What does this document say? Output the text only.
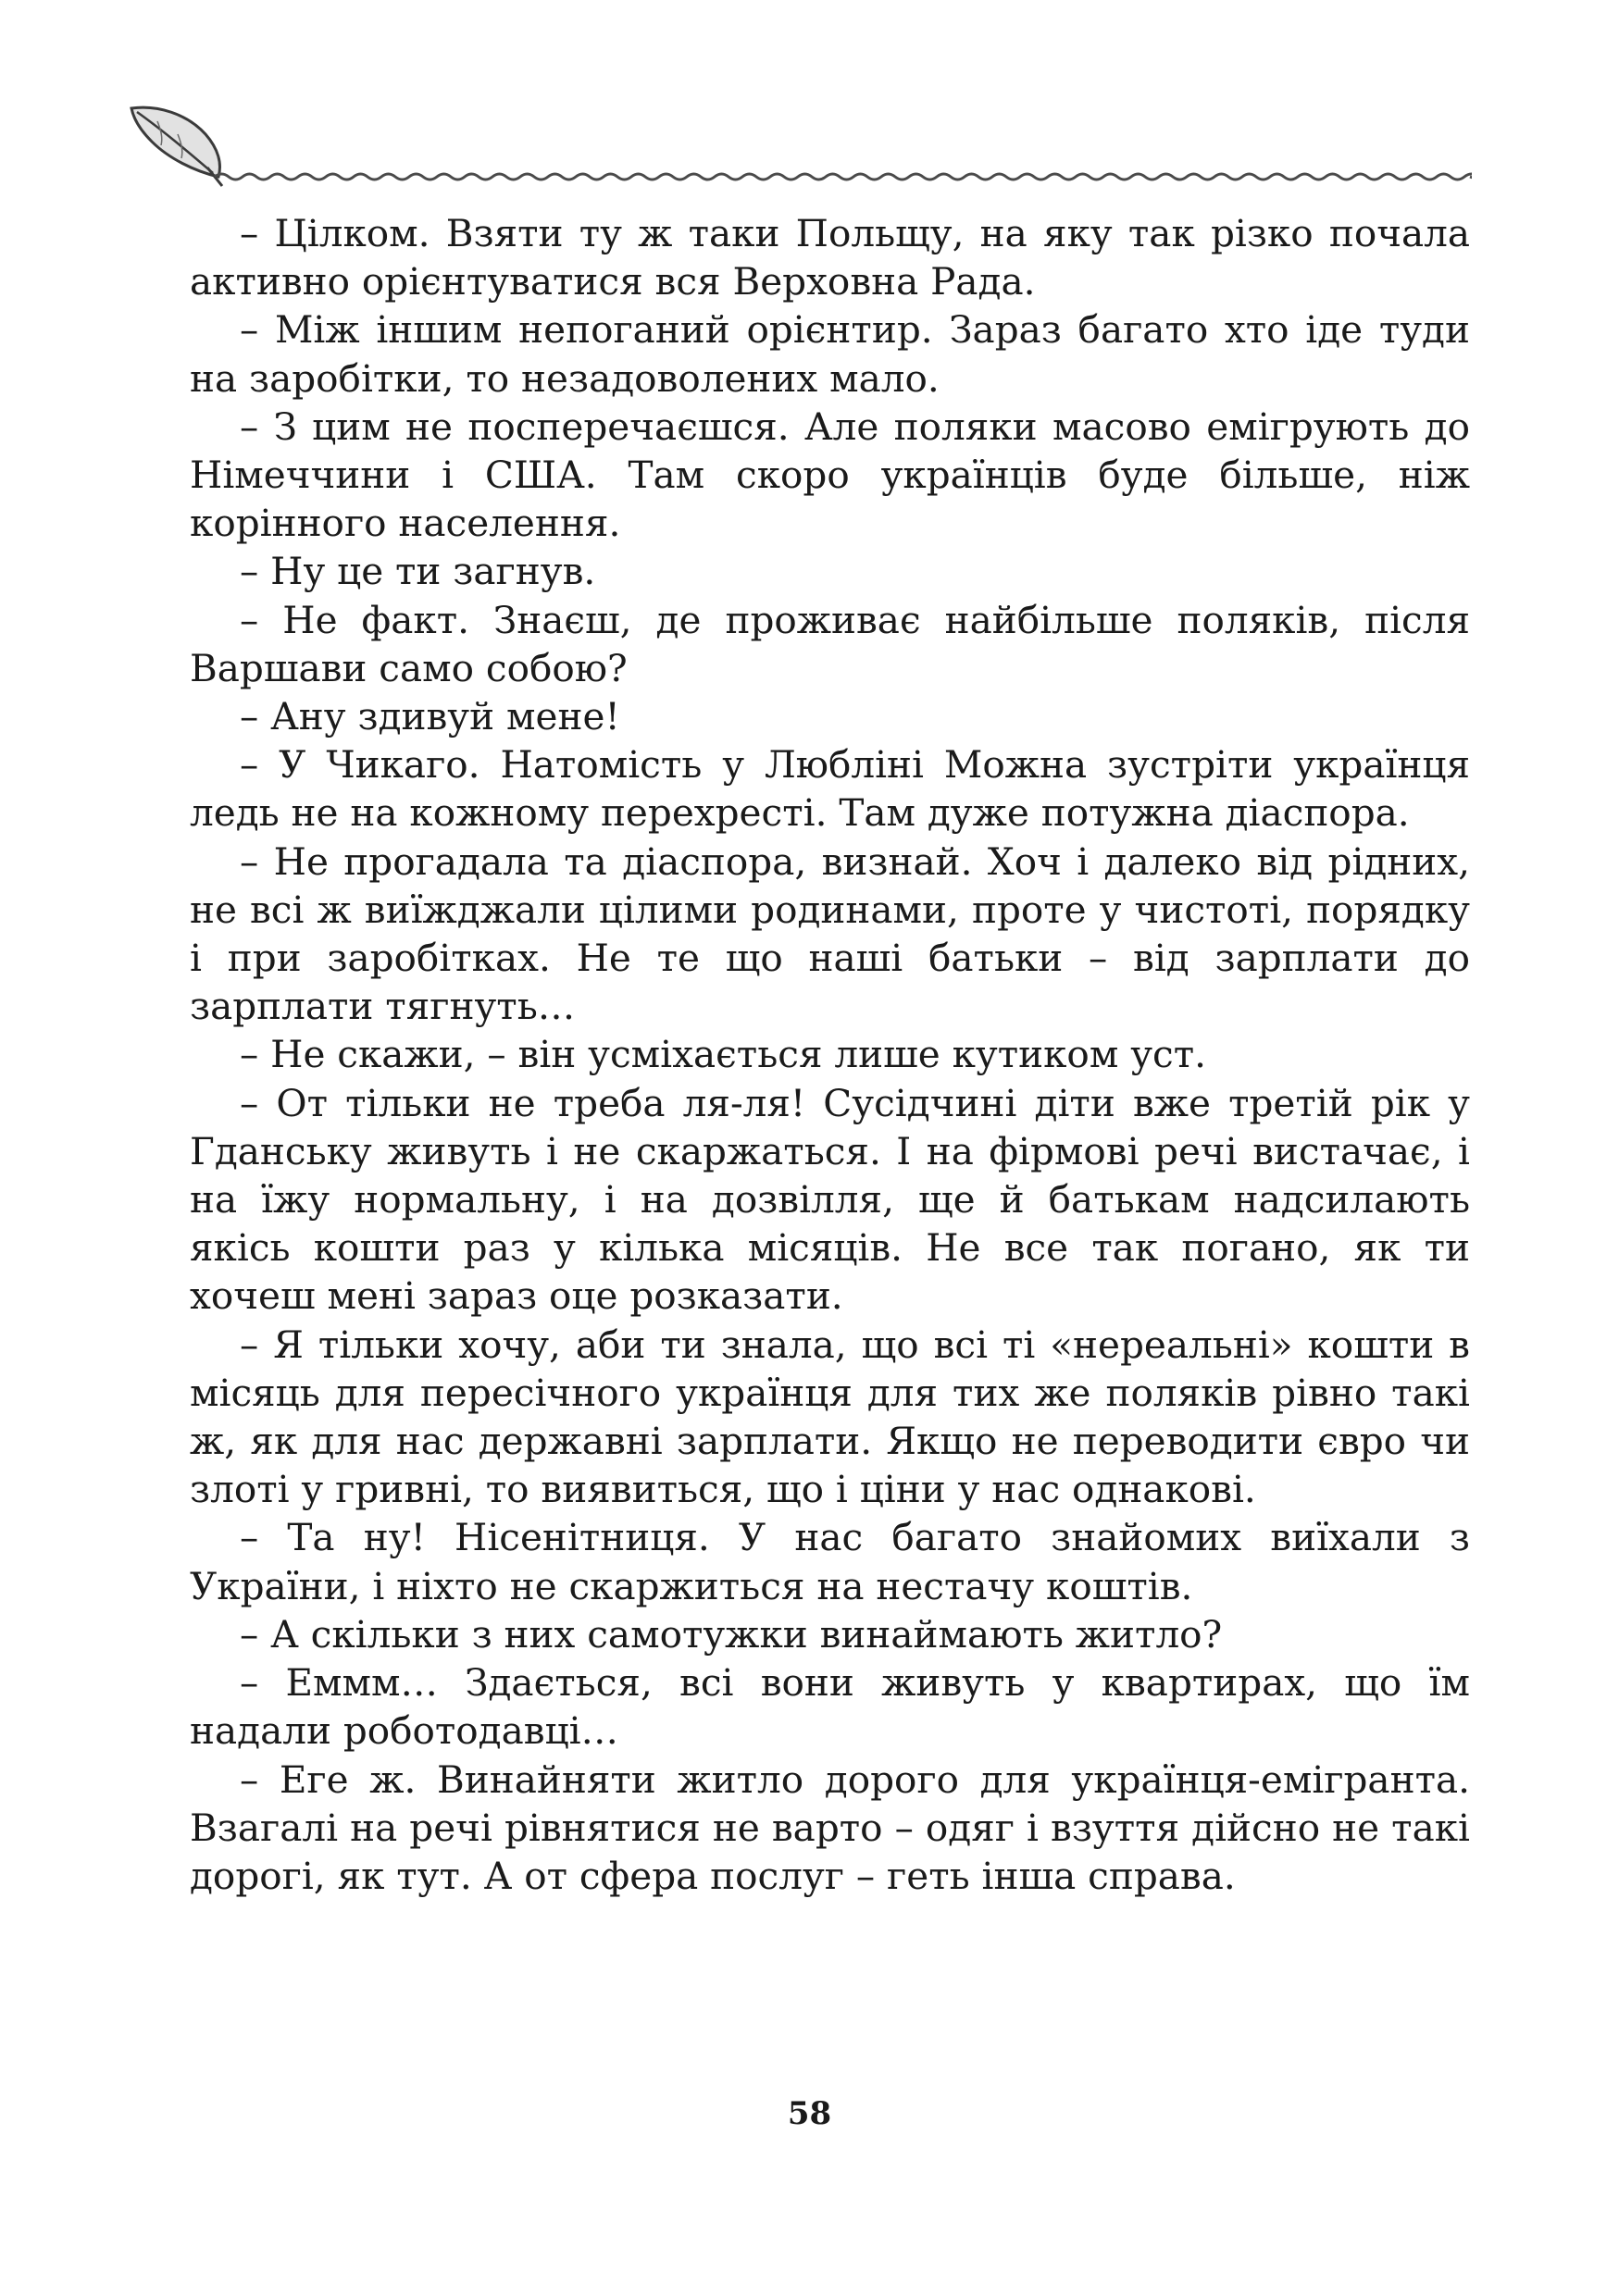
– Цілком. Взяти ту ж таки Польщу, на яку так різко почала активно орієнтуватися вся Верховна Рада.

– Між іншим непоганий орієнтир. Зараз багато хто іде туди на заробітки, то незадоволених мало.

– З цим не посперечаєшся. Але поляки масово емігрують до Німеччини і США. Там скоро українців буде більше, ніж корінного населення.

– Ну це ти загнув.

– Не факт. Знаєш, де проживає найбільше поляків, після Варшави само собою?

– Ану здивуй мене!

– У Чикаго. Натомість у Любліні Можна зустріти українця ледь не на кожному перехресті. Там дуже потужна діаспора.

– Не прогадала та діаспора, визнай. Хоч і далеко від рідних, не всі ж виїжджали цілими родинами, проте у чистоті, порядку і при заробітках. Не те що наші батьки – від зарплати до зарплати тягнуть…

– Не скажи, – він усміхається лише кутиком уст.

– От тільки не треба ля-ля! Сусідчині діти вже третій рік у Гданську живуть і не скаржаться. І на фірмові речі вистачає, і на їжу нормальну, і на дозвілля, ще й батькам надсилають якісь кошти раз у кілька місяців. Не все так погано, як ти хочеш мені зараз оце розказати.

– Я тільки хочу, аби ти знала, що всі ті «нереальні» кошти в місяць для пересічного українця для тих же поляків рівно такі ж, як для нас державні зарплати. Якщо не переводити євро чи злоті у гривні, то виявиться, що і ціни у нас однакові.

– Та ну! Нісенітниця. У нас багато знайомих виїхали з України, і ніхто не скаржиться на нестачу коштів.

– А скільки з них самотужки винаймають житло?

– Еммм… Здається, всі вони живуть у квартирах, що їм надали роботодавці…

– Еге ж. Винайняти житло дорого для українця-емігранта. Взагалі на речі рівнятися не варто – одяг і взуття дійсно не такі дорогі, як тут. А от сфера послуг – геть інша справа.

58
